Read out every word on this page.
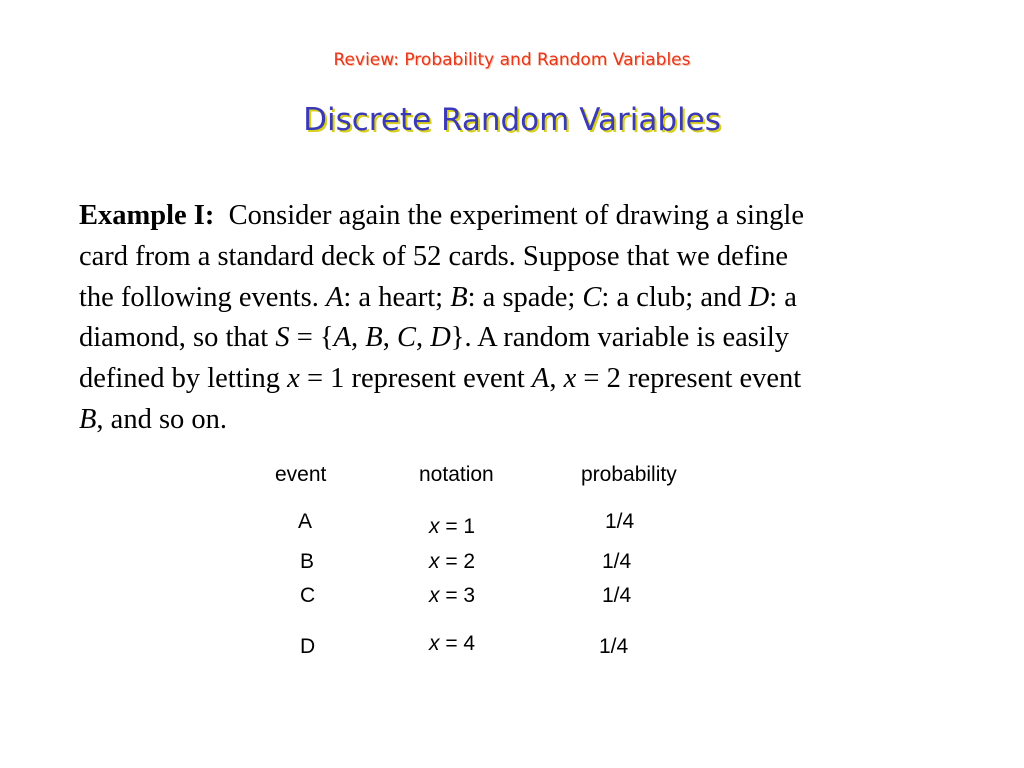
Review: Probability and Random Variables
Discrete Random Variables
Example I: Consider again the experiment of drawing a single
card from a standard deck of 52 cards. Suppose that we define
the following events. A: a heart; B: a spade; C: a club; and D: a
diamond, so that S = {A, B, C, D}. A random variable is easily
defined by letting x = 1 represent event A, x = 2 represent event
B, and so on.
event	notation	probability
A	x = 1	1/4
B	x = 2	1/4
C	x = 3	1/4
D	x = 4	1/4
